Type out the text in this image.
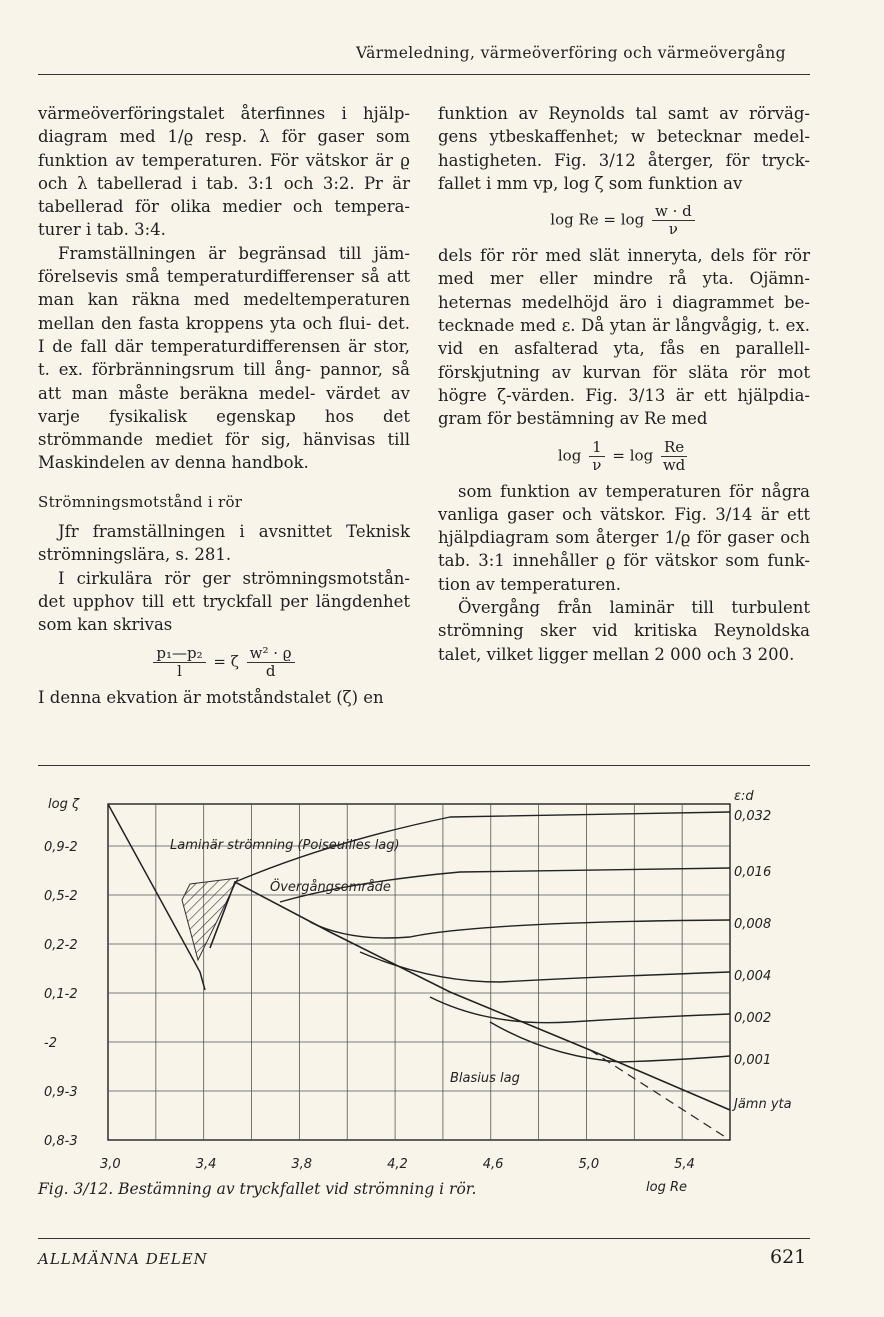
Värmeledning, värmeöverföring och värmeövergång

värmeöverföringstalet återfinnes i hjälp- diagram med 1/ϱ resp. λ för gaser som funktion av temperaturen. För vätskor är ϱ och λ tabellerad i tab. 3:1 och 3:2. Pr är tabellerad för olika medier och tempera- turer i tab. 3:4.

Framställningen är begränsad till jäm- förelsevis små temperaturdifferenser så att man kan räkna med medeltemperaturen mellan den fasta kroppens yta och flui- det. I de fall där temperaturdifferensen är stor, t. ex. förbränningsrum till ång- pannor, så att man måste beräkna medel- värdet av varje fysikalisk egenskap hos det strömmande mediet för sig, hänvisas till Maskindelen av denna handbok.

Strömningsmotstånd i rör

Jfr framställningen i avsnittet Teknisk strömningslära, s. 281.

I cirkulära rör ger strömningsmotstån- det upphov till ett tryckfall per längdenhet som kan skrivas

$\frac{\text{p₁—p₂}}{l} = \zeta \frac{\text{w² · ϱ}}{d}$

I denna ekvation är motståndstalet (ζ) en

funktion av Reynolds tal samt av rörväg- gens ytbeskaffenhet; w betecknar medel- hastigheten. Fig. 3/12 återger, för tryck- fallet i mm vp, log ζ som funktion av

$\log Re = \log \frac{w \cdot d}{\nu}$

dels för rör med slät inneryta, dels för rör med mer eller mindre rå yta. Ojämn- heternas medelhöjd äro i diagrammet be- tecknade med ε. Då ytan är långvågig, t. ex. vid en asfalterad yta, fås en parallell- förskjutning av kurvan för släta rör mot högre ζ-värden. Fig. 3/13 är ett hjälpdia- gram för bestämning av Re med

$\log \frac{1}{\nu} = \log \frac{Re}{wd}$

som funktion av temperaturen för några vanliga gaser och vätskor. Fig. 3/14 är ett hjälpdiagram som återger 1/ϱ för gaser och tab. 3:1 innehåller ϱ för vätskor som funk- tion av temperaturen.

Övergång från laminär till turbulent strömning sker vid kritiska Reynoldska talet, vilket ligger mellan 2 000 och 3 200.

log ζ
ε:d
log Re
0,9-2
0,5-2
0,2-2
0,1-2
-2
0,9-3
0,8-3
3,0	3,4	3,8	4,2	4,6	5,0	5,4
0,032
0,016
0,008
0,004
0,002
0,001
Jämn yta
Laminär strömning (Poiseuilles lag)
Övergångsområde
Blasius lag
Fig. 3/12. Bestämning av tryckfallet vid strömning i rör.
ALLMÄNNA DELEN	621
